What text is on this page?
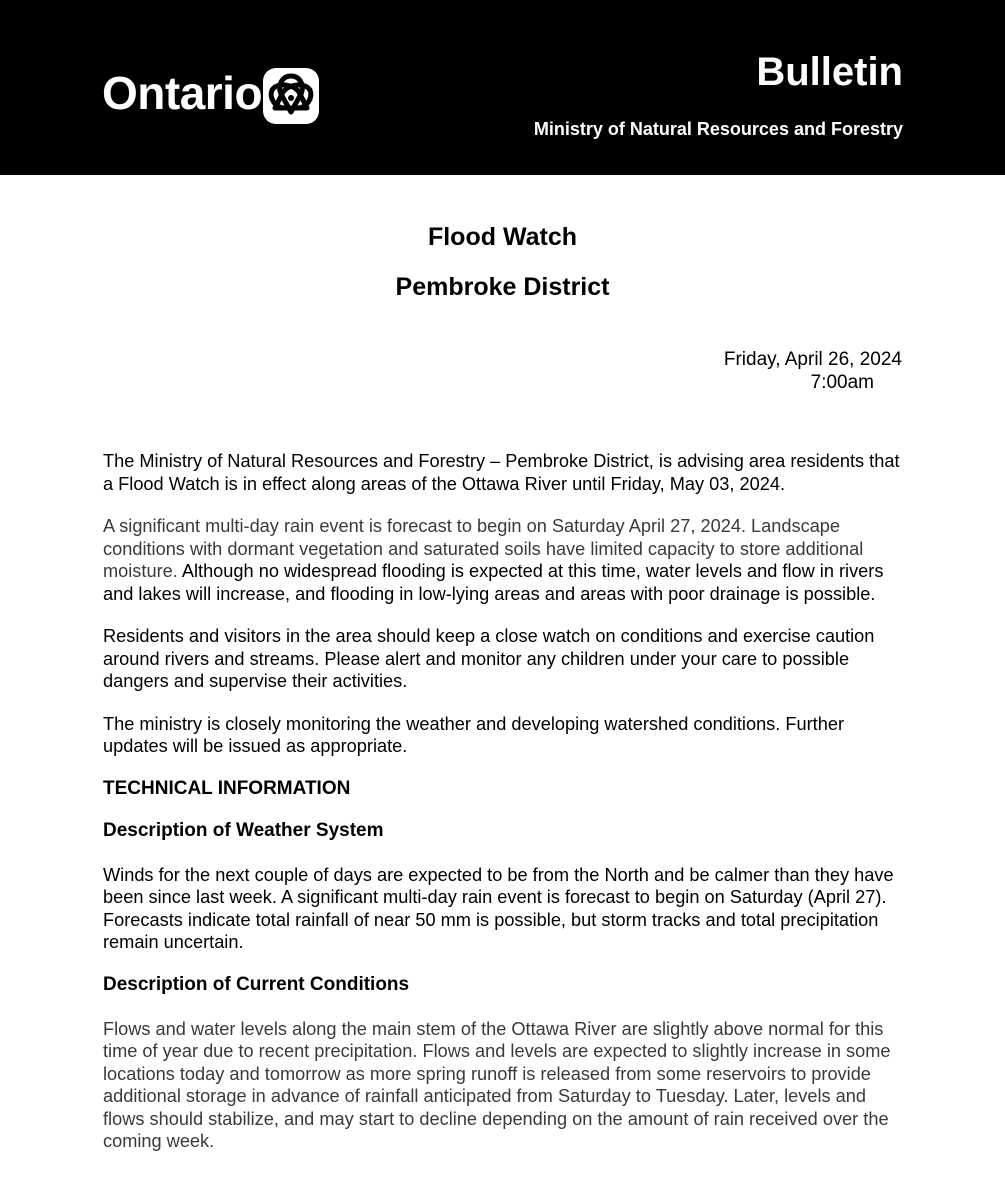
Ontario	Bulletin
Ministry of Natural Resources and Forestry
Flood Watch
Pembroke District
Friday, April 26, 2024
7:00am

The Ministry of Natural Resources and Forestry – Pembroke District, is advising area residents that a Flood Watch is in effect along areas of the Ottawa River until Friday, May 03, 2024.

A significant multi-day rain event is forecast to begin on Saturday April 27, 2024. Landscape conditions with dormant vegetation and saturated soils have limited capacity to store additional moisture. Although no widespread flooding is expected at this time, water levels and flow in rivers and lakes will increase, and flooding in low-lying areas and areas with poor drainage is possible.

Residents and visitors in the area should keep a close watch on conditions and exercise caution around rivers and streams. Please alert and monitor any children under your care to possible dangers and supervise their activities.

The ministry is closely monitoring the weather and developing watershed conditions. Further updates will be issued as appropriate.

TECHNICAL INFORMATION
Description of Weather System

Winds for the next couple of days are expected to be from the North and be calmer than they have been since last week. A significant multi-day rain event is forecast to begin on Saturday (April 27). Forecasts indicate total rainfall of near 50 mm is possible, but storm tracks and total precipitation remain uncertain.

Description of Current Conditions

Flows and water levels along the main stem of the Ottawa River are slightly above normal for this time of year due to recent precipitation. Flows and levels are expected to slightly increase in some locations today and tomorrow as more spring runoff is released from some reservoirs to provide additional storage in advance of rainfall anticipated from Saturday to Tuesday. Later, levels and flows should stabilize, and may start to decline depending on the amount of rain received over the coming week.
